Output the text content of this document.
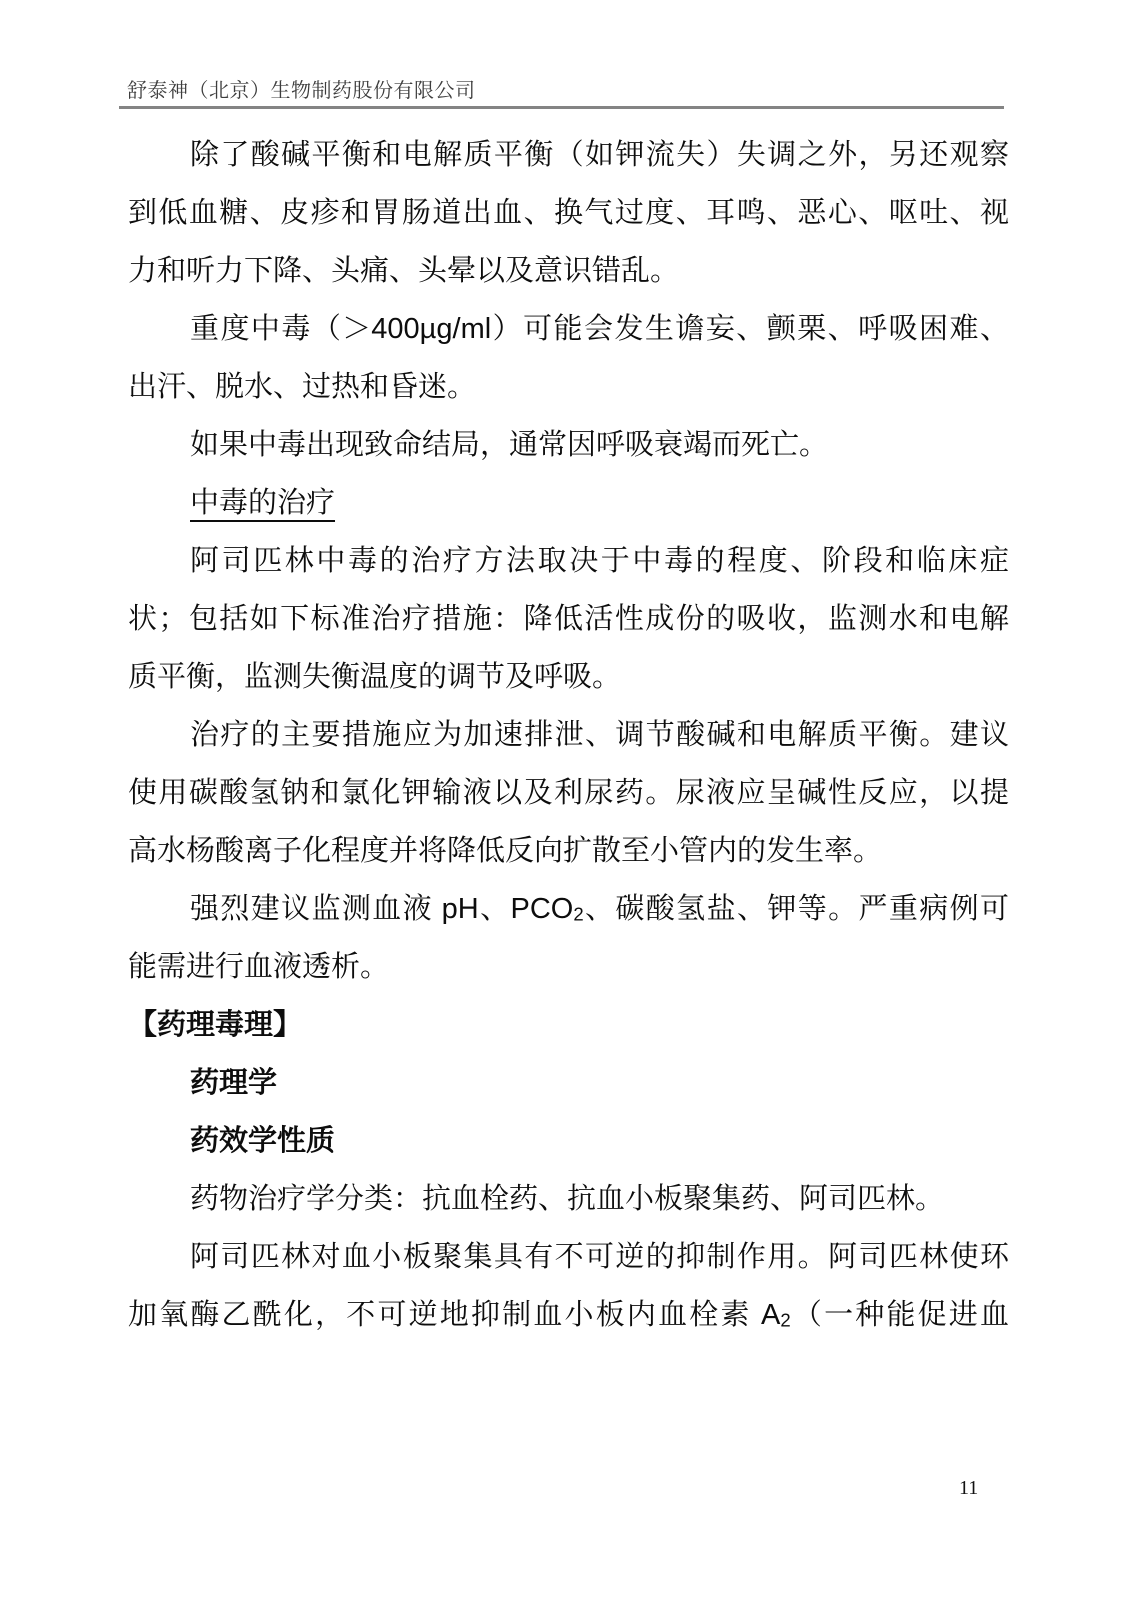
舒泰神（北京）生物制药股份有限公司
除了酸碱平衡和电解质平衡（如钾流失）失调之外，另还观察
到低血糖、皮疹和胃肠道出血、换气过度、耳鸣、恶心、呕吐、视
力和听力下降、头痛、头晕以及意识错乱。
重度中毒（＞400µg/ml）可能会发生谵妄、颤栗、呼吸困难、
出汗、脱水、过热和昏迷。
如果中毒出现致命结局，通常因呼吸衰竭而死亡。
中毒的治疗
阿司匹林中毒的治疗方法取决于中毒的程度、阶段和临床症
状；包括如下标准治疗措施：降低活性成份的吸收，监测水和电解
质平衡，监测失衡温度的调节及呼吸。
治疗的主要措施应为加速排泄、调节酸碱和电解质平衡。建议
使用碳酸氢钠和氯化钾输液以及利尿药。尿液应呈碱性反应，以提
高水杨酸离子化程度并将降低反向扩散至小管内的发生率。
强烈建议监测血液 pH、PCO2、碳酸氢盐、钾等。严重病例可
能需进行血液透析。
【药理毒理】
药理学
药效学性质
药物治疗学分类：抗血栓药、抗血小板聚集药、阿司匹林。
阿司匹林对血小板聚集具有不可逆的抑制作用。阿司匹林使环
加氧酶乙酰化，不可逆地抑制血小板内血栓素 A2（一种能促进血
11
